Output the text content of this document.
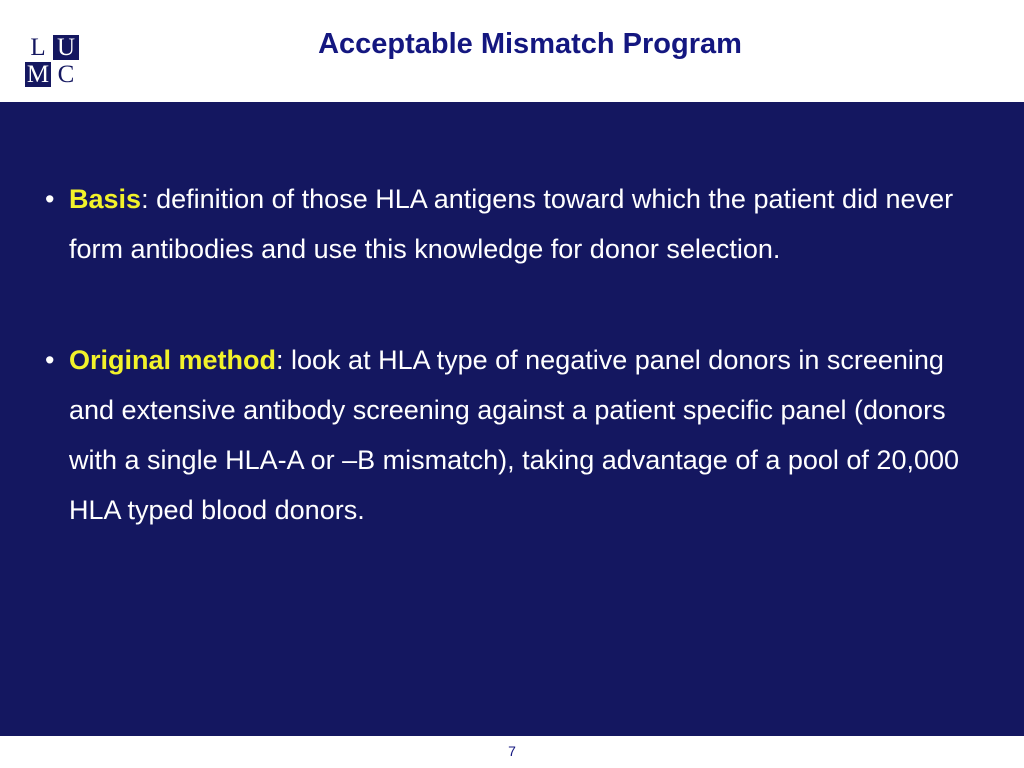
L U
M C
Acceptable Mismatch Program
• Basis: definition of those HLA antigens toward which the patient did never form antibodies and use this knowledge for donor selection.
• Original method: look at HLA type of negative panel donors in screening and extensive antibody screening against a patient specific panel (donors with a single HLA-A or –B mismatch), taking advantage of a pool of 20,000 HLA typed blood donors.
7
